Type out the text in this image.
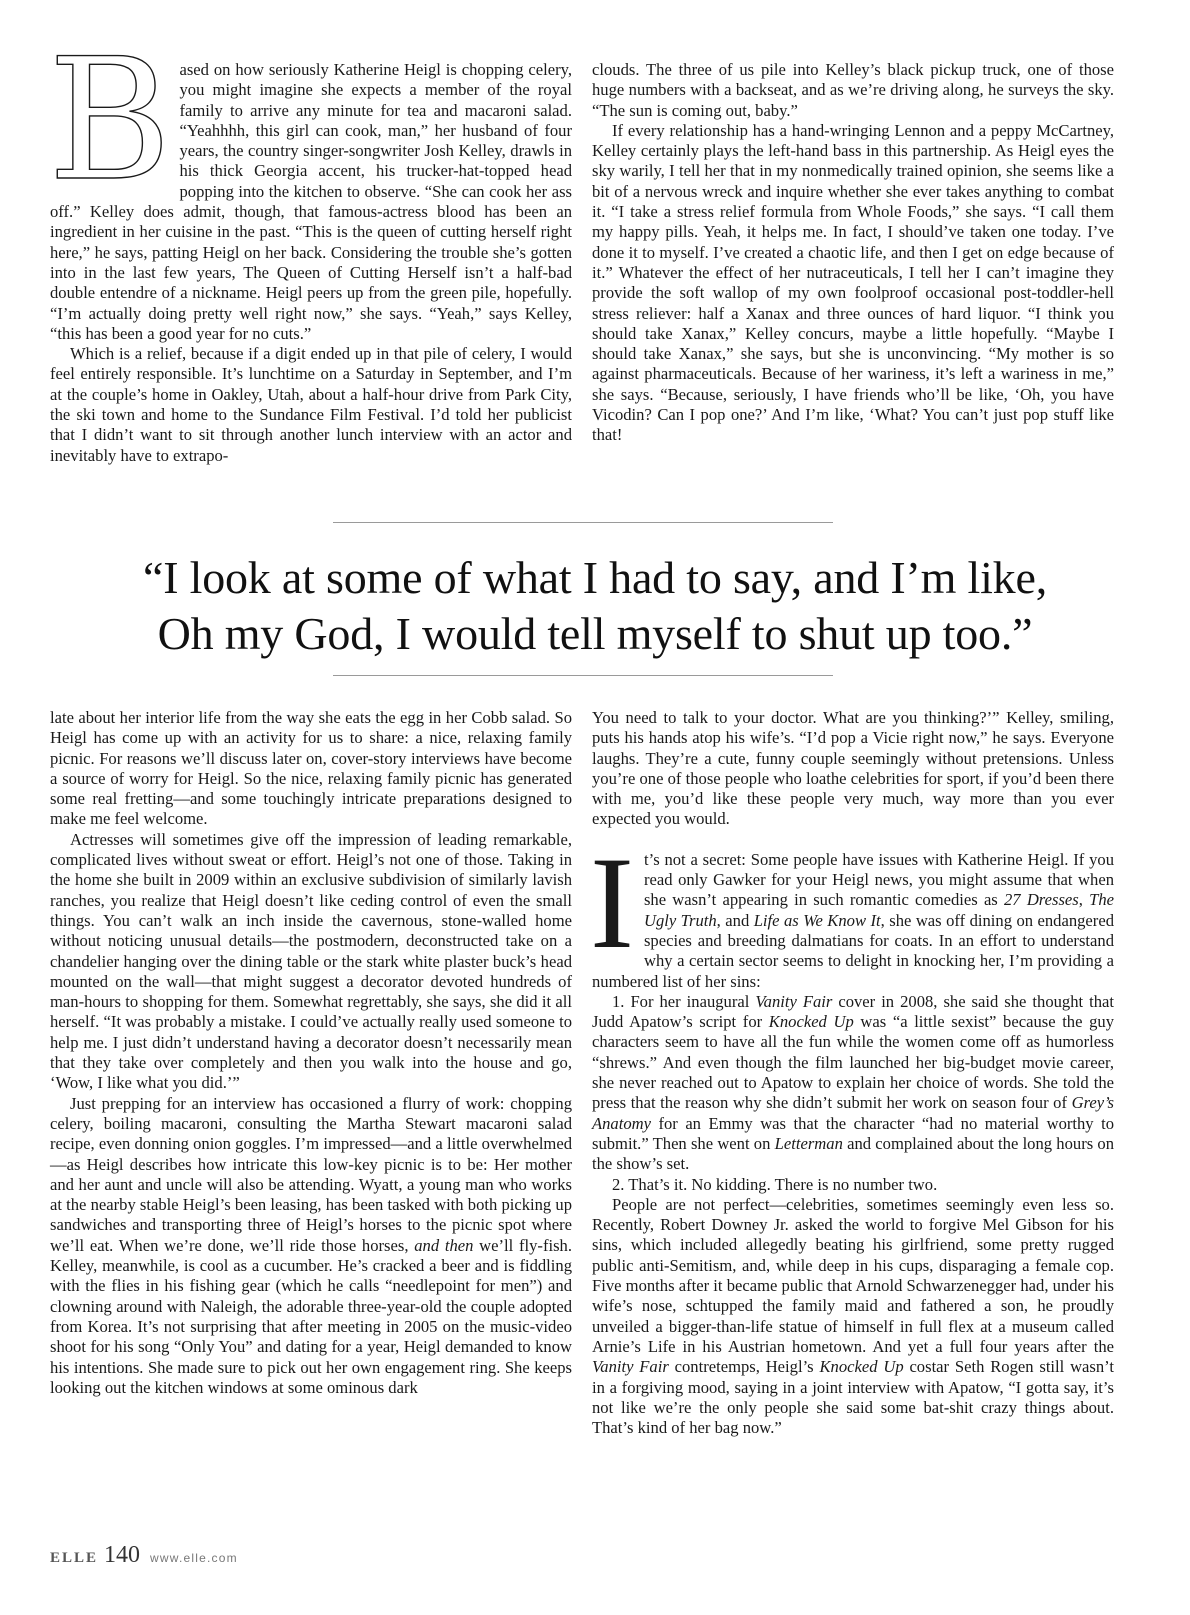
Based on how seriously Katherine Heigl is chopping celery, you might imagine she expects a member of the royal family to arrive any minute for tea and macaroni salad. “Yeahhhh, this girl can cook, man,” her husband of four years, the country singer-songwriter Josh Kelley, drawls in his thick Georgia accent, his trucker-hat-topped head popping into the kitchen to observe. “She can cook her ass off.” Kelley does admit, though, that famous-actress blood has been an ingredient in her cuisine in the past. “This is the queen of cutting herself right here,” he says, patting Heigl on her back. Considering the trouble she’s gotten into in the last few years, The Queen of Cutting Herself isn’t a half-bad double entendre of a nickname. Heigl peers up from the green pile, hopefully. “I’m actually doing pretty well right now,” she says. “Yeah,” says Kelley, “this has been a good year for no cuts.”

Which is a relief, because if a digit ended up in that pile of celery, I would feel entirely responsible. It’s lunchtime on a Saturday in September, and I’m at the couple’s home in Oakley, Utah, about a half-hour drive from Park City, the ski town and home to the Sundance Film Festival. I’d told her publicist that I didn’t want to sit through another lunch interview with an actor and inevitably have to extrapo-

clouds. The three of us pile into Kelley’s black pickup truck, one of those huge numbers with a backseat, and as we’re driving along, he surveys the sky. “The sun is coming out, baby.”

If every relationship has a hand-wringing Lennon and a peppy McCartney, Kelley certainly plays the left-hand bass in this partnership. As Heigl eyes the sky warily, I tell her that in my nonmedically trained opinion, she seems like a bit of a nervous wreck and inquire whether she ever takes anything to combat it. “I take a stress relief formula from Whole Foods,” she says. “I call them my happy pills. Yeah, it helps me. In fact, I should’ve taken one today. I’ve done it to myself. I’ve created a chaotic life, and then I get on edge because of it.” Whatever the effect of her nutraceuticals, I tell her I can’t imagine they provide the soft wallop of my own foolproof occasional post-toddler-hell stress reliever: half a Xanax and three ounces of hard liquor. “I think you should take Xanax,” Kelley concurs, maybe a little hopefully. “Maybe I should take Xanax,” she says, but she is unconvincing. “My mother is so against pharmaceuticals. Because of her wariness, it’s left a wariness in me,” she says. “Because, seriously, I have friends who’ll be like, ‘Oh, you have Vicodin? Can I pop one?’ And I’m like, ‘What? You can’t just pop stuff like that!

“I look at some of what I had to say, and I’m like,
Oh my God, I would tell myself to shut up too.”

late about her interior life from the way she eats the egg in her Cobb salad. So Heigl has come up with an activity for us to share: a nice, relaxing family picnic. For reasons we’ll discuss later on, cover-story interviews have become a source of worry for Heigl. So the nice, relaxing family picnic has generated some real fretting—and some touchingly intricate preparations designed to make me feel welcome.

Actresses will sometimes give off the impression of leading remarkable, complicated lives without sweat or effort. Heigl’s not one of those. Taking in the home she built in 2009 within an exclusive subdivision of similarly lavish ranches, you realize that Heigl doesn’t like ceding control of even the small things. You can’t walk an inch inside the cavernous, stone-walled home without noticing unusual details—the postmodern, deconstructed take on a chandelier hanging over the dining table or the stark white plaster buck’s head mounted on the wall—that might suggest a decorator devoted hundreds of man-hours to shopping for them. Somewhat regrettably, she says, she did it all herself. “It was probably a mistake. I could’ve actually really used someone to help me. I just didn’t understand having a decorator doesn’t necessarily mean that they take over completely and then you walk into the house and go, ‘Wow, I like what you did.’”

Just prepping for an interview has occasioned a flurry of work: chopping celery, boiling macaroni, consulting the Martha Stewart macaroni salad recipe, even donning onion goggles. I’m impressed—and a little overwhelmed—as Heigl describes how intricate this low-key picnic is to be: Her mother and her aunt and uncle will also be attending. Wyatt, a young man who works at the nearby stable Heigl’s been leasing, has been tasked with both picking up sandwiches and transporting three of Heigl’s horses to the picnic spot where we’ll eat. When we’re done, we’ll ride those horses, and then we’ll fly-fish. Kelley, meanwhile, is cool as a cucumber. He’s cracked a beer and is fiddling with the flies in his fishing gear (which he calls “needlepoint for men”) and clowning around with Naleigh, the adorable three-year-old the couple adopted from Korea. It’s not surprising that after meeting in 2005 on the music-video shoot for his song “Only You” and dating for a year, Heigl demanded to know his intentions. She made sure to pick out her own engagement ring. She keeps looking out the kitchen windows at some ominous dark

You need to talk to your doctor. What are you thinking?’” Kelley, smiling, puts his hands atop his wife’s. “I’d pop a Vicie right now,” he says. Everyone laughs. They’re a cute, funny couple seemingly without pretensions. Unless you’re one of those people who loathe celebrities for sport, if you’d been there with me, you’d like these people very much, way more than you ever expected you would.

It’s not a secret: Some people have issues with Katherine Heigl. If you read only Gawker for your Heigl news, you might assume that when she wasn’t appearing in such romantic comedies as 27 Dresses, The Ugly Truth, and Life as We Know It, she was off dining on endangered species and breeding dalmatians for coats. In an effort to understand why a certain sector seems to delight in knocking her, I’m providing a numbered list of her sins:

1. For her inaugural Vanity Fair cover in 2008, she said she thought that Judd Apatow’s script for Knocked Up was “a little sexist” because the guy characters seem to have all the fun while the women come off as humorless “shrews.” And even though the film launched her big-budget movie career, she never reached out to Apatow to explain her choice of words. She told the press that the reason why she didn’t submit her work on season four of Grey’s Anatomy for an Emmy was that the character “had no material worthy to submit.” Then she went on Letterman and complained about the long hours on the show’s set.

2. That’s it. No kidding. There is no number two.

People are not perfect—celebrities, sometimes seemingly even less so. Recently, Robert Downey Jr. asked the world to forgive Mel Gibson for his sins, which included allegedly beating his girlfriend, some pretty rugged public anti-Semitism, and, while deep in his cups, disparaging a female cop. Five months after it became public that Arnold Schwarzenegger had, under his wife’s nose, schtupped the family maid and fathered a son, he proudly unveiled a bigger-than-life statue of himself in full flex at a museum called Arnie’s Life in his Austrian hometown. And yet a full four years after the Vanity Fair contretemps, Heigl’s Knocked Up costar Seth Rogen still wasn’t in a forgiving mood, saying in a joint interview with Apatow, “I gotta say, it’s not like we’re the only people she said some bat-shit crazy things about. That’s kind of her bag now.”

ELLE 140 www.elle.com
